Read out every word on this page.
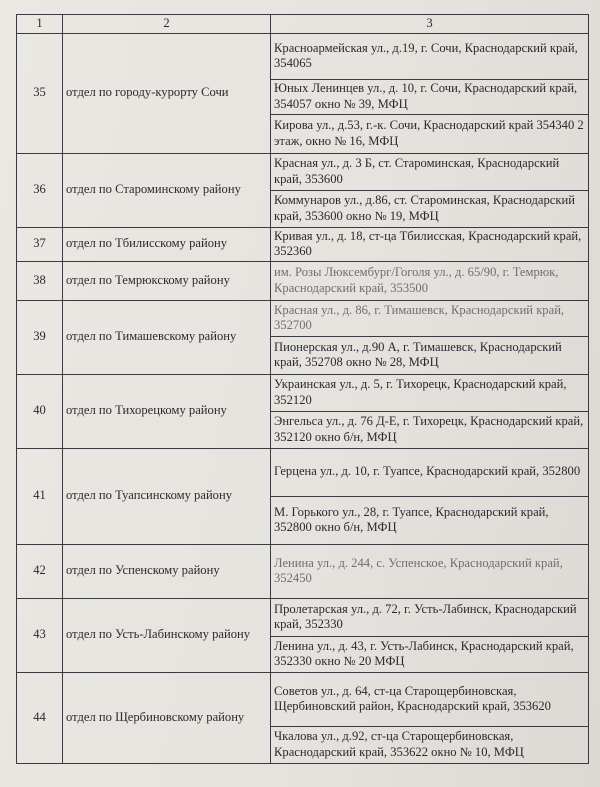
1	2	3
35	отдел по городу-курорту Сочи	Красноармейская ул., д.19, г. Сочи, Краснодарский край, 354065
		Юных Ленинцев ул., д. 10, г. Сочи, Краснодарский край, 354057 окно № 39, МФЦ
		Кирова ул., д.53, г.-к. Сочи, Краснодарский край 354340 2 этаж, окно № 16, МФЦ
36	отдел по Староминскому району	Красная ул., д. 3 Б, ст. Староминская, Краснодарский край, 353600
		Коммунаров ул., д.86, ст. Староминская, Краснодарский край, 353600 окно № 19, МФЦ
37	отдел по Тбилисскому району	Кривая ул., д. 18, ст-ца Тбилисская, Краснодарский край, 352360
38	отдел по Темрюкскому району	им. Розы Люксембург/Гоголя ул., д. 65/90, г. Темрюк, Краснодарский край, 353500
39	отдел по Тимашевскому району	Красная ул., д. 86, г. Тимашевск, Краснодарский край, 352700
		Пионерская ул., д.90 А, г. Тимашевск, Краснодарский край, 352708 окно № 28, МФЦ
40	отдел по Тихорецкому району	Украинская ул., д. 5, г. Тихорецк, Краснодарский край, 352120
		Энгельса ул., д. 76 Д-Е, г. Тихорецк, Краснодарский край, 352120 окно б/н, МФЦ
41	отдел по Туапсинскому району	Герцена ул., д. 10, г. Туапсе, Краснодарский край, 352800
		М. Горького ул., 28, г. Туапсе, Краснодарский край, 352800 окно б/н, МФЦ
42	отдел по Успенскому району	Ленина ул., д. 244, с. Успенское, Краснодарский край, 352450
43	отдел по Усть-Лабинскому району	Пролетарская ул., д. 72, г. Усть-Лабинск, Краснодарский край, 352330
		Ленина ул., д. 43, г. Усть-Лабинск, Краснодарский край, 352330 окно № 20 МФЦ
44	отдел по Щербиновскому району	Советов ул., д. 64, ст-ца Старощербиновская, Щербиновский район, Краснодарский край, 353620
		Чкалова ул., д.92, ст-ца Старощербиновская, Краснодарский край, 353622 окно № 10, МФЦ
